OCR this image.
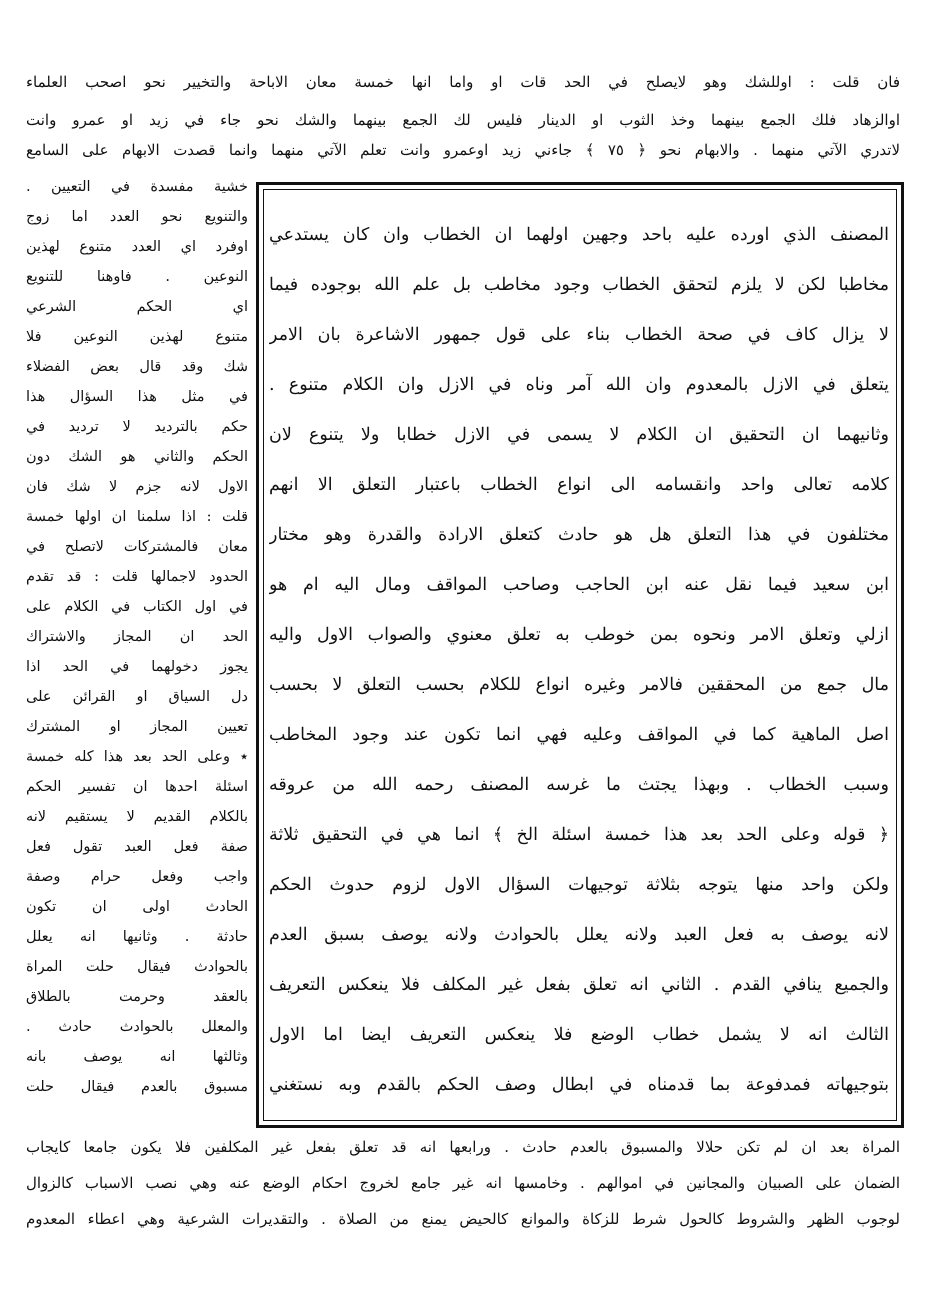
فان قلت : اوللشك وهو لايصلح في الحد قات او واما انها خمسة معان الاباحة والتخيير نحو اصحب العلماء
اوالزهاد فلك الجمع بينهما وخذ الثوب او الدينار فليس لك الجمع بينهما والشك نحو جاء في زيد او عمرو وانت
لاتدري الآتي منهما . والابهام نحو ﴿ ٧٥ ﴾ جاءني زيد اوعمرو وانت تعلم الآتي منهما وانما قصدت الابهام على السامع
خشية مفسدة في التعيين .
والتنويع نحو العدد اما زوج
اوفرد اي العدد متنوع لهذين
النوعين . فاوهنا للتنويع
اي الحكم الشرعي
متنوع لهذين النوعين فلا
شك وقد قال بعض الفضلاء
في مثل هذا السؤال هذا
حكم بالترديد لا ترديد في
الحكم والثاني هو الشك دون
الاول لانه جزم لا شك فان
قلت : اذا سلمنا ان اولها خمسة
معان فالمشتركات لاتصلح في
الحدود لاجمالها قلت : قد تقدم
في اول الكتاب في الكلام على
الحد ان المجاز والاشتراك
يجوز دخولهما في الحد اذا
دل السياق او القرائن على
تعيين المجاز او المشترك
٭ وعلى الحد بعد هذا كله خمسة
اسئلة احدها ان تفسير الحكم
بالكلام القديم لا يستقيم لانه
صفة فعل العبد تقول فعل
واجب وفعل حرام وصفة
الحادث اولى ان تكون
حادثة . وثانيها انه يعلل
بالحوادث فيقال حلت المراة
بالعقد وحرمت بالطلاق
والمعلل بالحوادث حادث .
وثالثها انه يوصف بانه
مسبوق بالعدم فيقال حلت
المصنف الذي اورده عليه باحد وجهين اولهما ان الخطاب وان كان يستدعي
مخاطبا لكن لا يلزم لتحقق الخطاب وجود مخاطب بل علم الله بوجوده فيما
لا يزال كاف في صحة الخطاب بناء على قول جمهور الاشاعرة بان الامر
يتعلق في الازل بالمعدوم وان الله آمر وناه في الازل وان الكلام متنوع .
وثانيهما ان التحقيق ان الكلام لا يسمى في الازل خطابا ولا يتنوع لان
كلامه تعالى واحد وانقسامه الى انواع الخطاب باعتبار التعلق الا انهم
مختلفون في هذا التعلق هل هو حادث كتعلق الارادة والقدرة وهو مختار
ابن سعيد فيما نقل عنه ابن الحاجب وصاحب المواقف ومال اليه ام هو
ازلي وتعلق الامر ونحوه بمن خوطب به تعلق معنوي والصواب الاول واليه
مال جمع من المحققين فالامر وغيره انواع للكلام بحسب التعلق لا بحسب
اصل الماهية كما في المواقف وعليه فهي انما تكون عند وجود المخاطب
وسبب الخطاب . وبهذا يجتث ما غرسه المصنف رحمه الله من عروقه
﴿ قوله وعلى الحد بعد هذا خمسة اسئلة الخ ﴾ انما هي في التحقيق ثلاثة
ولكن واحد منها يتوجه بثلاثة توجيهات السؤال الاول لزوم حدوث الحكم
لانه يوصف به فعل العبد ولانه يعلل بالحوادث ولانه يوصف بسبق العدم
والجميع ينافي القدم . الثاني انه تعلق بفعل غير المكلف فلا ينعكس التعريف
الثالث انه لا يشمل خطاب الوضع فلا ينعكس التعريف ايضا اما الاول
بتوجيهاته فمدفوعة بما قدمناه في ابطال وصف الحكم بالقدم وبه نستغني
المراة بعد ان لم تكن حلالا والمسبوق بالعدم حادث . ورابعها انه قد تعلق بفعل غير المكلفين فلا يكون جامعا كايجاب
الضمان على الصبيان والمجانين في اموالهم . وخامسها انه غير جامع لخروج احكام الوضع عنه وهي نصب الاسباب كالزوال
لوجوب الظهر والشروط كالحول شرط للزكاة والموانع كالحيض يمنع من الصلاة . والتقديرات الشرعية وهي اعطاء المعدوم
